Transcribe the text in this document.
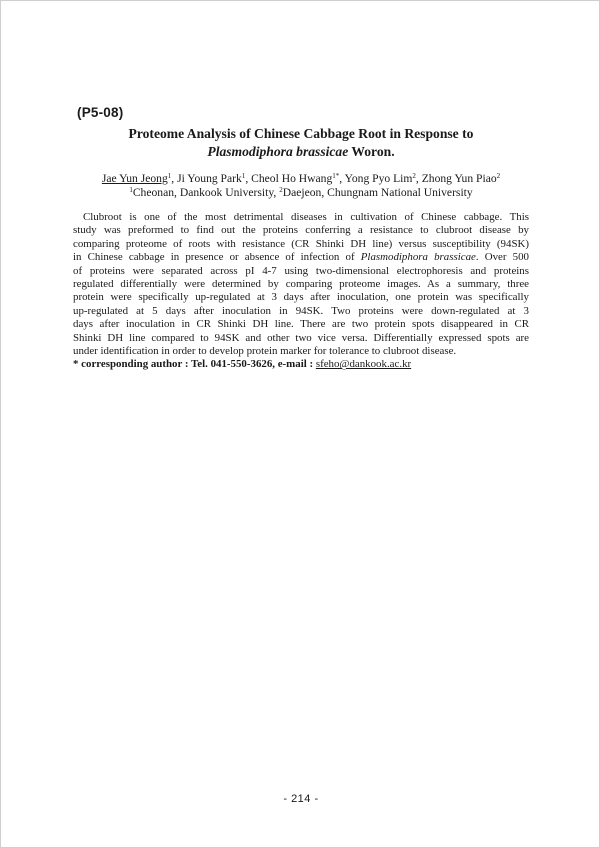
(P5-08)
Proteome Analysis of Chinese Cabbage Root in Response to
Plasmodiphora brassicae Woron.
Jae Yun Jeong$^1$, Ji Young Park$^1$, Cheol Ho Hwang$^{1*}$, Yong Pyo Lim$^2$, Zhong Yun Piao$^2$
$^1$Cheonan, Dankook University, $^2$Daejeon, Chungnam National University
Clubroot is one of the most detrimental diseases in cultivation of Chinese cabbage. This
study was preformed to find out the proteins conferring a resistance to clubroot disease by
comparing proteome of roots with resistance (CR Shinki DH line) versus susceptibility (94SK)
in Chinese cabbage in presence or absence of infection of Plasmodiphora brassicae. Over 500
of proteins were separated across pI 4-7 using two-dimensional electrophoresis and proteins
regulated differentially were determined by comparing proteome images. As a summary, three
protein were specifically up-regulated at 3 days after inoculation, one protein was specifically
up-regulated at 5 days after inoculation in 94SK. Two proteins were down-regulated at 3
days after inoculation in CR Shinki DH line. There are two protein spots disappeared in CR
Shinki DH line compared to 94SK and other two vice versa. Differentially expressed spots are
under identification in order to develop protein marker for tolerance to clubroot disease.
* corresponding author : Tel. 041-550-3626, e-mail : sfeho@dankook.ac.kr
- 214 -
